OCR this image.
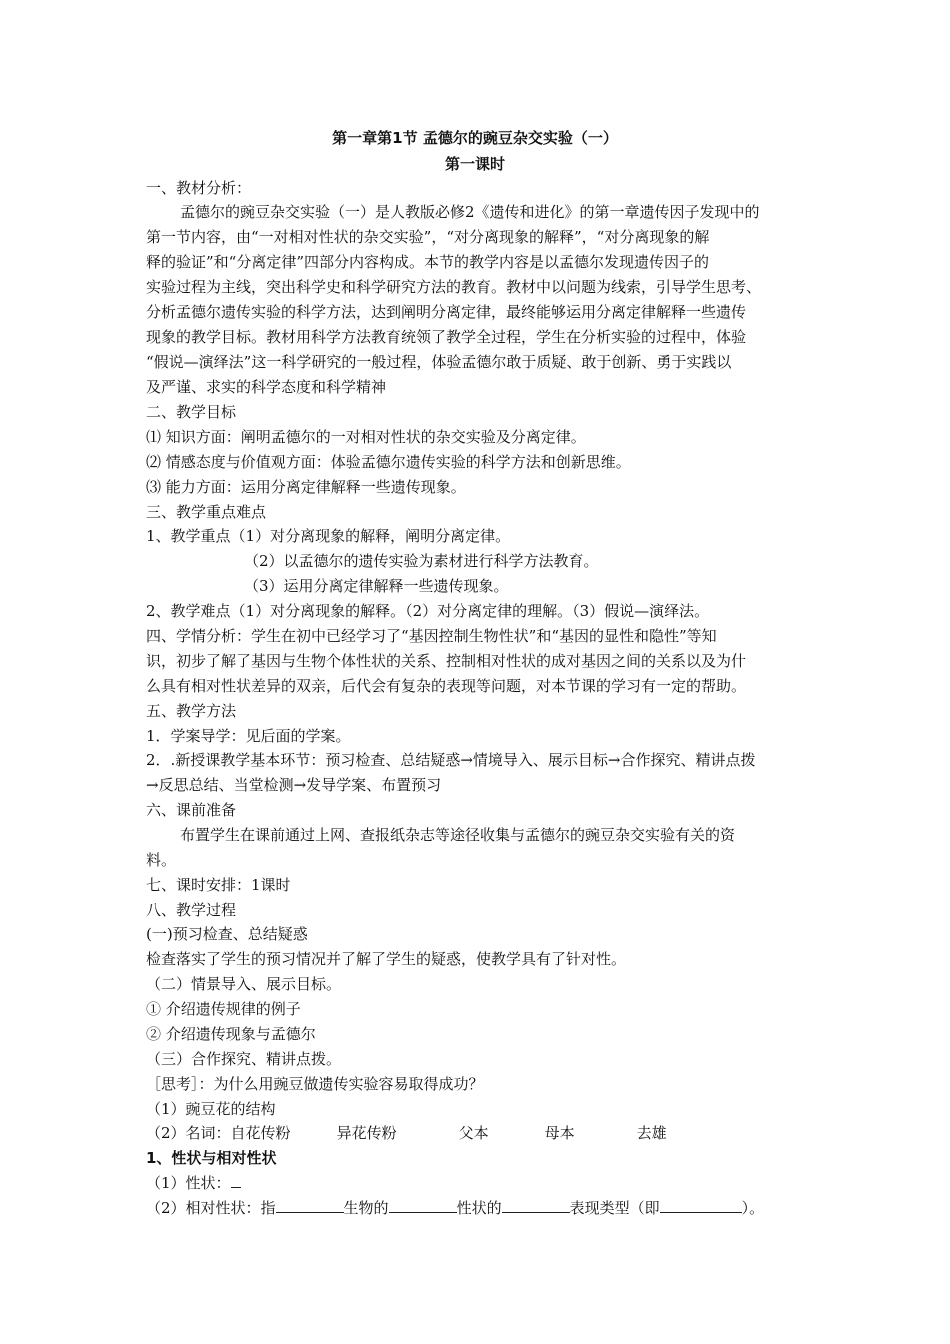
第一章第1节 孟德尔的豌豆杂交实验（一）
第一课时
一、教材分析：
孟德尔的豌豆杂交实验（一）是人教版必修2《遗传和进化》的第一章遗传因子发现中的
第一节内容，由“一对相对性状的杂交实验”，“对分离现象的解释”，“对分离现象的解
释的验证”和“分离定律”四部分内容构成。本节的教学内容是以孟德尔发现遗传因子的
实验过程为主线，突出科学史和科学研究方法的教育。教材中以问题为线索，引导学生思考、
分析孟德尔遗传实验的科学方法，达到阐明分离定律，最终能够运用分离定律解释一些遗传
现象的教学目标。教材用科学方法教育统领了教学全过程，学生在分析实验的过程中，体验
“假说—演绎法”这一科学研究的一般过程，体验孟德尔敢于质疑、敢于创新、勇于实践以
及严谨、求实的科学态度和科学精神
二、教学目标
⑴ 知识方面：阐明孟德尔的一对相对性状的杂交实验及分离定律。
⑵ 情感态度与价值观方面：体验孟德尔遗传实验的科学方法和创新思维。
⑶ 能力方面：运用分离定律解释一些遗传现象。
三、教学重点难点
1、教学重点（1）对分离现象的解释，阐明分离定律。
（2）以孟德尔的遗传实验为素材进行科学方法教育。
（3）运用分离定律解释一些遗传现象。
2、教学难点（1）对分离现象的解释。（2）对分离定律的理解。（3）假说—演绎法。
四、学情分析：学生在初中已经学习了“基因控制生物性状”和“基因的显性和隐性”等知
识，初步了解了基因与生物个体性状的关系、控制相对性状的成对基因之间的关系以及为什
么具有相对性状差异的双亲，后代会有复杂的表现等问题，对本节课的学习有一定的帮助。
五、教学方法
1．学案导学：见后面的学案。
2．.新授课教学基本环节：预习检查、总结疑惑→情境导入、展示目标→合作探究、精讲点拨
→反思总结、当堂检测→发导学案、布置预习
六、课前准备
布置学生在课前通过上网、查报纸杂志等途径收集与孟德尔的豌豆杂交实验有关的资
料。
七、课时安排：1课时
八、教学过程
(一)预习检查、总结疑惑
检查落实了学生的预习情况并了解了学生的疑惑，使教学具有了针对性。
（二）情景导入、展示目标。
① 介绍遗传规律的例子
② 介绍遗传现象与孟德尔
（三）合作探究、精讲点拨。
［思考］：为什么用豌豆做遗传实验容易取得成功？
（1）豌豆花的结构
（2）名词：自花传粉	异花传粉	父本	母本	去雄
1、性状与相对性状
（1）性状：
（2）相对性状：指	生物的	性状的	表现类型（即	）。
